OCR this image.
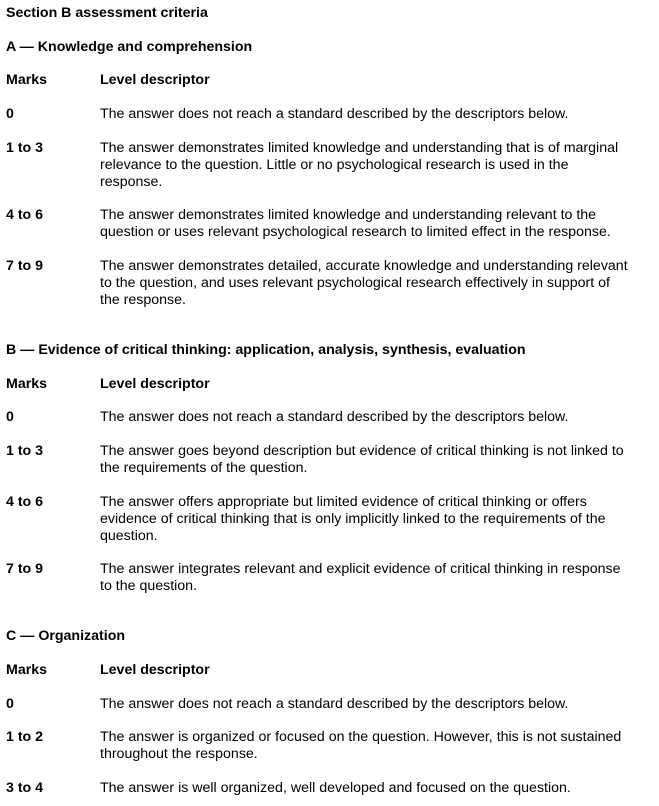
Section B assessment criteria
A — Knowledge and comprehension
Marks	Level descriptor
0	The answer does not reach a standard described by the descriptors below.
1 to 3	The answer demonstrates limited knowledge and understanding that is of marginal
relevance to the question. Little or no psychological research is used in the
response.
4 to 6	The answer demonstrates limited knowledge and understanding relevant to the
question or uses relevant psychological research to limited effect in the response.
7 to 9	The answer demonstrates detailed, accurate knowledge and understanding relevant
to the question, and uses relevant psychological research effectively in support of
the response.
B — Evidence of critical thinking: application, analysis, synthesis, evaluation
Marks	Level descriptor
0	The answer does not reach a standard described by the descriptors below.
1 to 3	The answer goes beyond description but evidence of critical thinking is not linked to
the requirements of the question.
4 to 6	The answer offers appropriate but limited evidence of critical thinking or offers
evidence of critical thinking that is only implicitly linked to the requirements of the
question.
7 to 9	The answer integrates relevant and explicit evidence of critical thinking in response
to the question.
C — Organization
Marks	Level descriptor
0	The answer does not reach a standard described by the descriptors below.
1 to 2	The answer is organized or focused on the question. However, this is not sustained
throughout the response.
3 to 4	The answer is well organized, well developed and focused on the question.
